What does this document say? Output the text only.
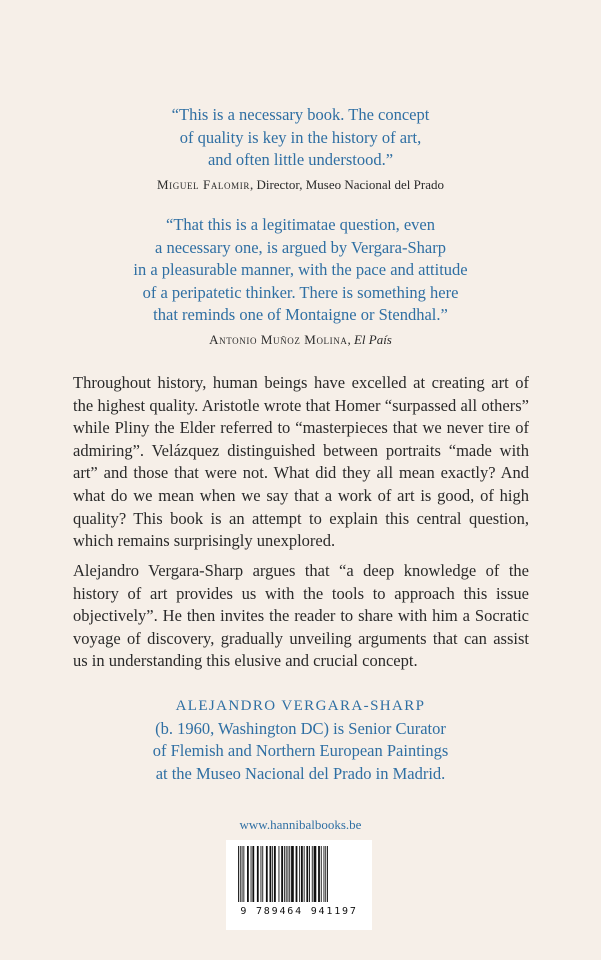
“This is a necessary book. The concept

of quality is key in the history of art,

and often little understood.”

Miguel Falomir, Director, Museo Nacional del Prado

“That this is a legitimatae question, even

a necessary one, is argued by Vergara-Sharp

in a pleasurable manner, with the pace and attitude

of a peripatetic thinker. There is something here

that reminds one of Montaigne or Stendhal.”

Antonio Muñoz Molina, El País

Throughout history, human beings have excelled at creating art of the highest quality. Aristotle wrote that Homer “surpassed all others” while Pliny the Elder referred to “masterpieces that we never tire of admiring”. Velázquez distinguished between portraits “made with art” and those that were not. What did they all mean exactly? And what do we mean when we say that a work of art is good, of high quality? This book is an attempt to explain this central question, which remains surprisingly unexplored.

Alejandro Vergara-Sharp argues that “a deep knowledge of the history of art provides us with the tools to approach this issue objectively”. He then invites the reader to share with him a Socratic voyage of discovery, gradually unveiling arguments that can assist us in understanding this elusive and crucial concept.

ALEJANDRO VERGARA-SHARP

(b. 1960, Washington DC) is Senior Curator

of Flemish and Northern European Paintings

at the Museo Nacional del Prado in Madrid.

www.hannibalbooks.be
9 789464 941197
